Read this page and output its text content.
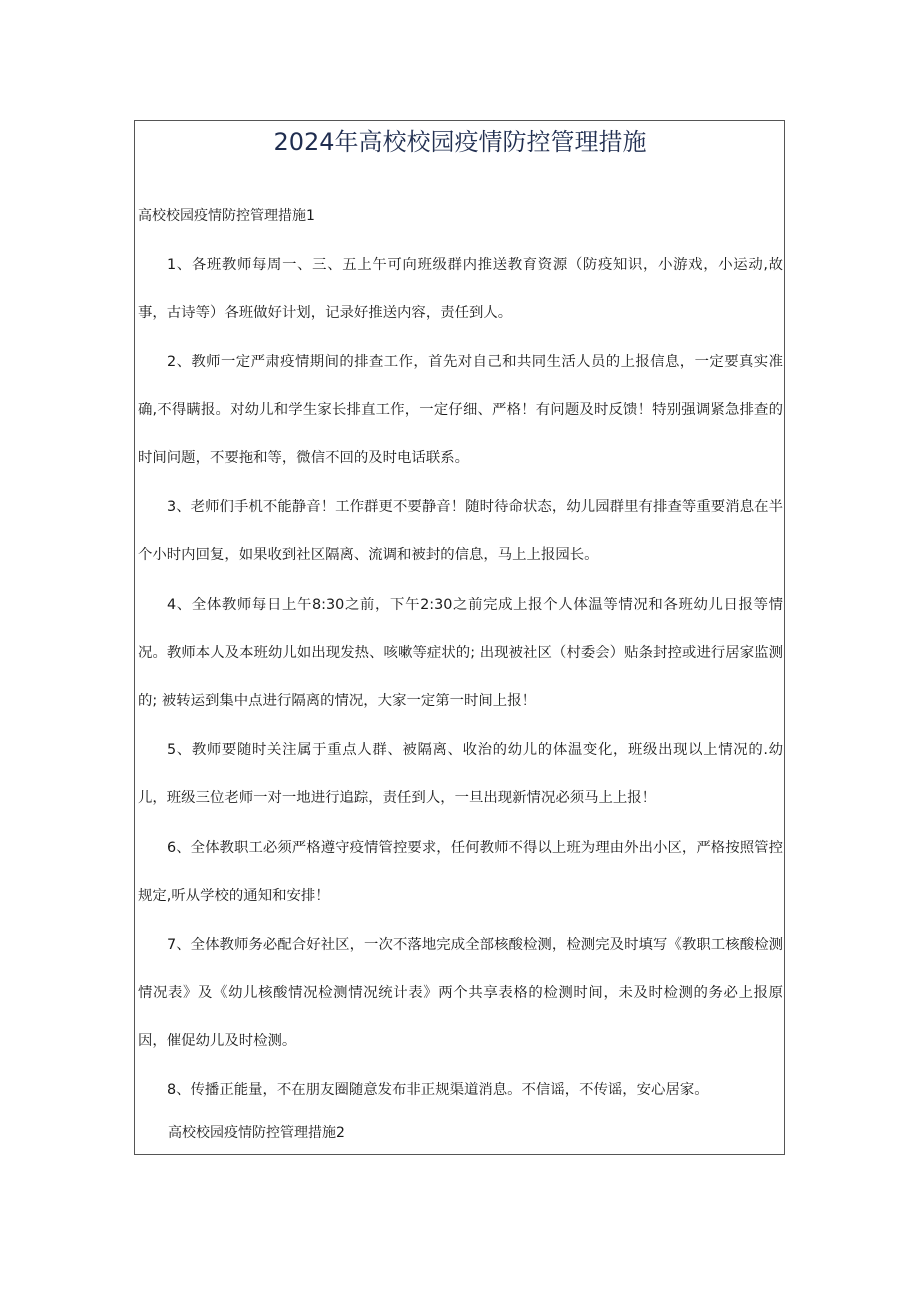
2024年高校校园疫情防控管理措施
高校校园疫情防控管理措施1

1、各班教师每周一、三、五上午可向班级群内推送教育资源（防疫知识，小游戏，小运动,故事，古诗等）各班做好计划，记录好推送内容，责任到人。

2、教师一定严肃疫情期间的排查工作，首先对自己和共同生活人员的上报信息，一定要真实准确,不得瞒报。对幼儿和学生家长排直工作，一定仔细、严格！有问题及时反馈！特别强调紧急排查的时间问题，不要拖和等，微信不回的及时电话联系。

3、老师们手机不能静音！工作群更不要静音！随时待命状态，幼儿园群里有排查等重要消息在半个小时内回复，如果收到社区隔离、流调和被封的信息，马上上报园长。

4、全体教师每日上午8:30之前，下午2:30之前完成上报个人体温等情况和各班幼儿日报等情况。教师本人及本班幼儿如出现发热、咳嗽等症状的; 出现被社区（村委会）贴条封控或进行居家监测的; 被转运到集中点进行隔离的情况，大家一定第一时间上报！

5、教师要随时关注属于重点人群、被隔离、收治的幼儿的体温变化，班级出现以上情况的.幼儿，班级三位老师一对一地进行追踪，责任到人，一旦出现新情况必须马上上报！

6、全体教职工必须严格遵守疫情管控要求，任何教师不得以上班为理由外出小区，严格按照管控规定,听从学校的通知和安排！

7、全体教师务必配合好社区，一次不落地完成全部核酸检测，检测完及时填写《教职工核酸检测情况表》及《幼儿核酸情况检测情况统计表》两个共享表格的检测时间，未及时检测的务必上报原因，催促幼儿及时检测。

8、传播正能量，不在朋友圈随意发布非正规渠道消息。不信谣，不传谣，安心居家。

高校校园疫情防控管理措施2
